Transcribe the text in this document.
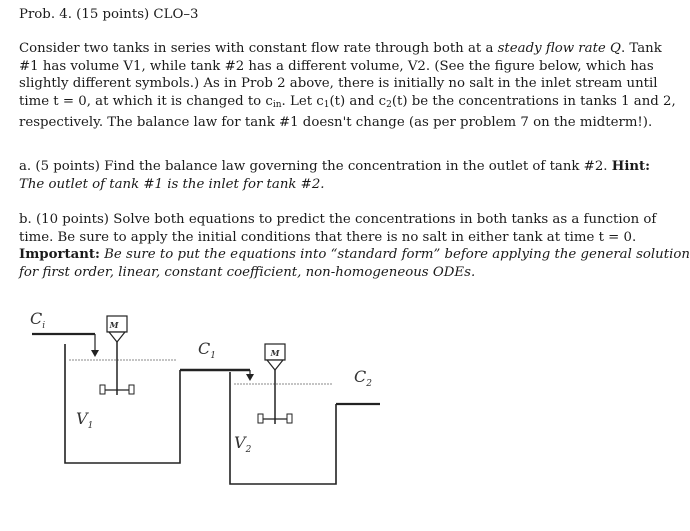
Prob. 4. (15 points) CLO–3
Consider two tanks in series with constant flow rate through both at a steady flow rate Q. Tank
#1 has volume V1, while tank #2 has a different volume, V2. (See the figure below, which has
slightly different symbols.) As in Prob 2 above, there is initially no salt in the inlet stream until
time t = 0, at which it is changed to $c_{in}$. Let $c_1(t)$ and $c_2(t)$ be the concentrations in tanks 1 and 2,
respectively. The balance law for tank #1 doesn't change (as per problem 7 on the midterm!).
a. (5 points) Find the balance law governing the concentration in the outlet of tank #2. Hint:
The outlet of tank #1 is the inlet for tank #2.
b. (10 points) Solve both equations to predict the concentrations in both tanks as a function of
time. Be sure to apply the initial conditions that there is no salt in either tank at time t = 0.
Important: Be sure to put the equations into “standard form” before applying the general solution
for first order, linear, constant coefficient, non-homogeneous ODEs.
M
M
$C_i$
$C_1$
$C_2$
$V_1$
$V_2$
